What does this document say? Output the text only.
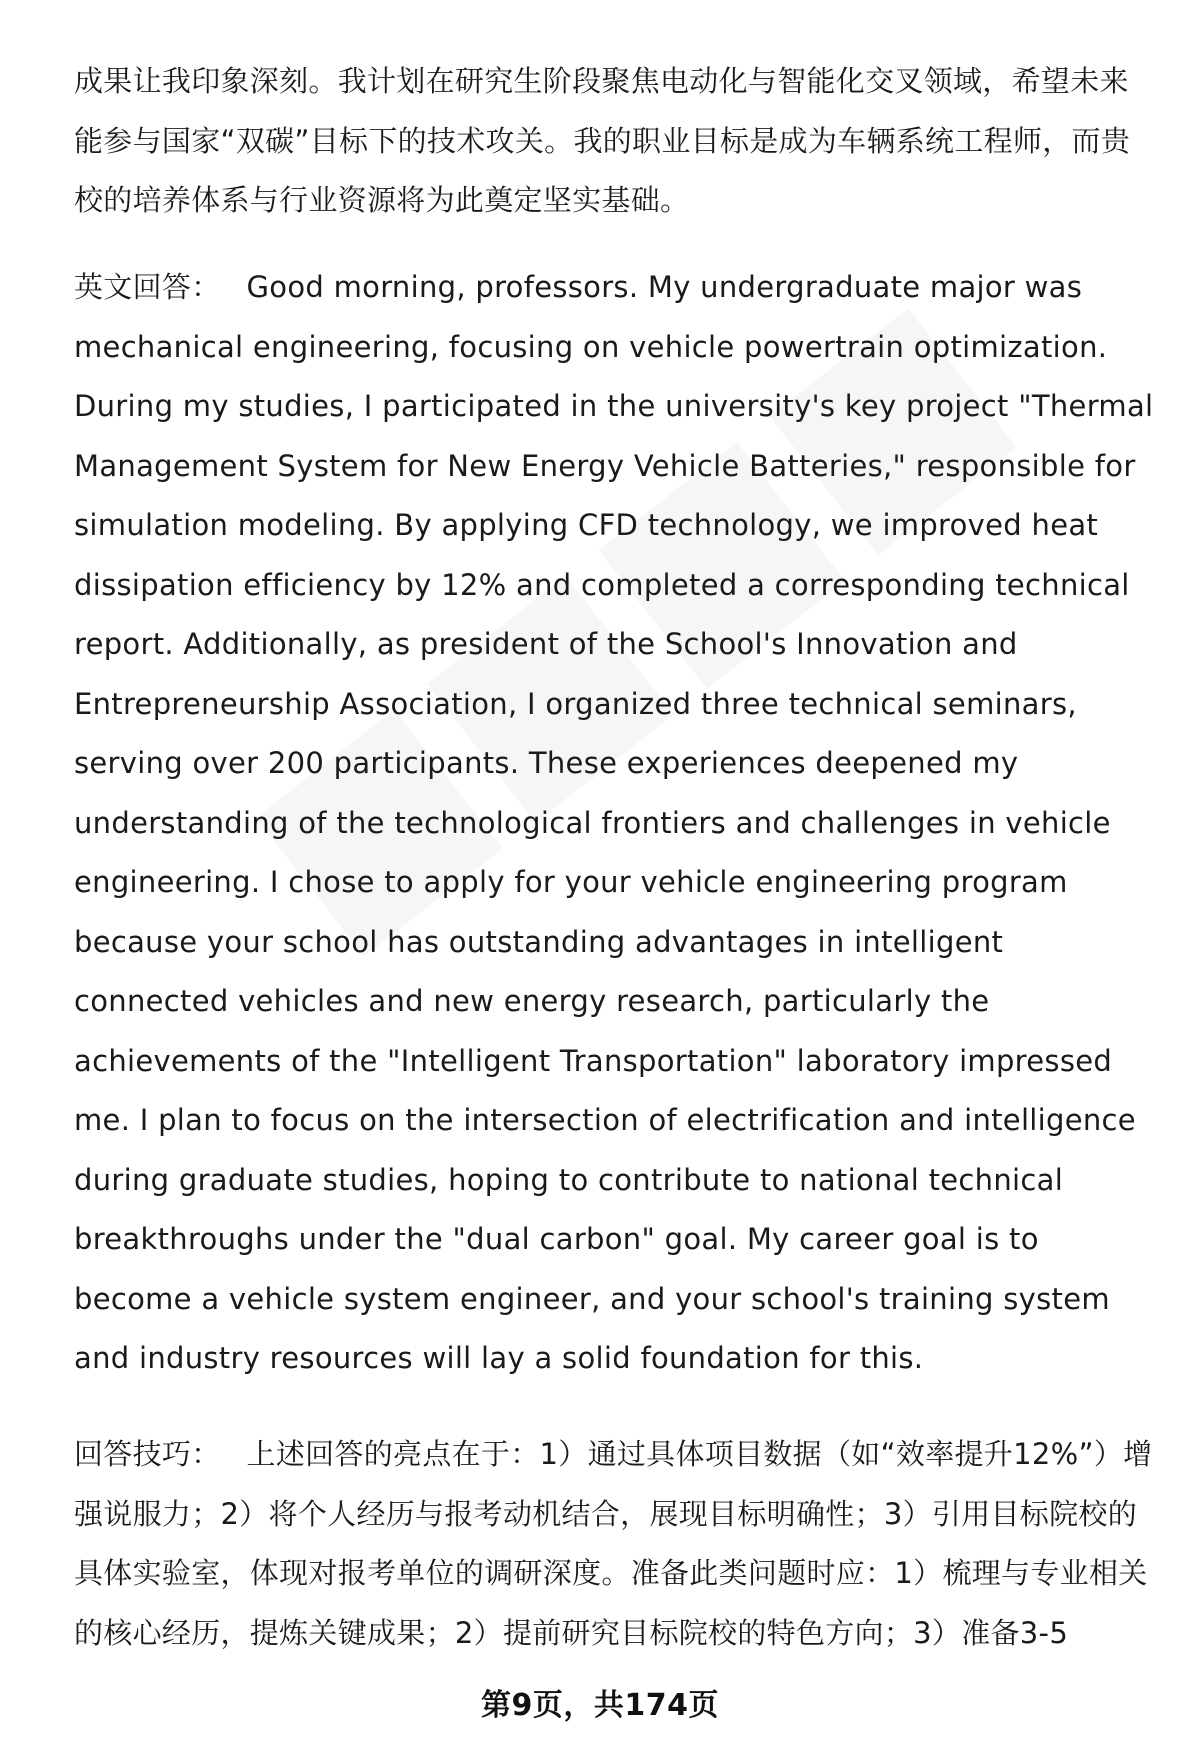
成果让我印象深刻。我计划在研究生阶段聚焦电动化与智能化交叉领域，希望未来能参与国家“双碳”目标下的技术攻关。我的职业目标是成为车辆系统工程师，而贵校的培养体系与行业资源将为此奠定坚实基础。

英文回答： Good morning, professors. My undergraduate major was mechanical engineering, focusing on vehicle powertrain optimization. During my studies, I participated in the university's key project "Thermal Management System for New Energy Vehicle Batteries," responsible for simulation modeling. By applying CFD technology, we improved heat dissipation efficiency by 12% and completed a corresponding technical report. Additionally, as president of the School's Innovation and Entrepreneurship Association, I organized three technical seminars, serving over 200 participants. These experiences deepened my understanding of the technological frontiers and challenges in vehicle engineering. I chose to apply for your vehicle engineering program because your school has outstanding advantages in intelligent connected vehicles and new energy research, particularly the achievements of the "Intelligent Transportation" laboratory impressed me. I plan to focus on the intersection of electrification and intelligence during graduate studies, hoping to contribute to national technical breakthroughs under the "dual carbon" goal. My career goal is to become a vehicle system engineer, and your school's training system and industry resources will lay a solid foundation for this.

回答技巧： 上述回答的亮点在于：1）通过具体项目数据（如“效率提升12%”）增强说服力；2）将个人经历与报考动机结合，展现目标明确性；3）引用目标院校的具体实验室，体现对报考单位的调研深度。准备此类问题时应：1）梳理与专业相关的核心经历，提炼关键成果；2）提前研究目标院校的特色方向；3）准备3-5

第9页，共174页
